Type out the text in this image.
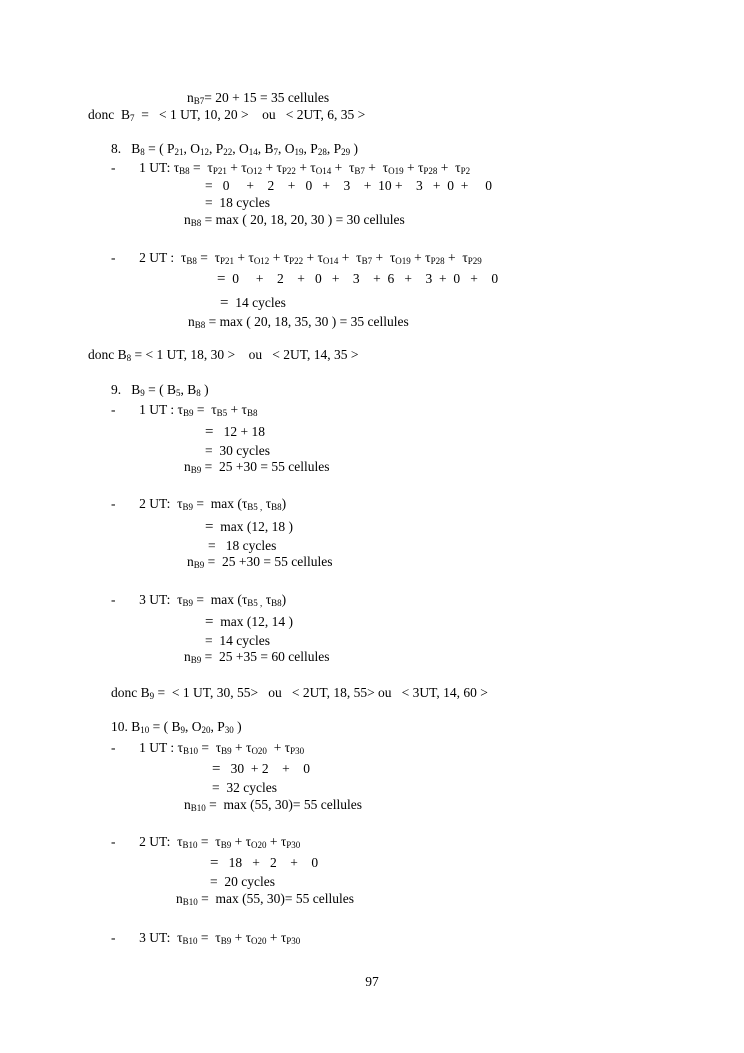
$n_{B7}= 20 + 15 = 35$ cellules
donc  $B_7$  =   < 1 UT, 10, 20 >    ou   < 2UT, 6, 35 >
8.   $B_8$ = ( $P_{21}$, $O_{12}$, $P_{22}$, $O_{14}$, $B_7$, $O_{19}$, $P_{28}$, $P_{29}$ )
-       1 UT: $\tau_{B8} = \tau_{P21} + \tau_{O12} + \tau_{P22} + \tau_{O14} + \tau_{B7} + \tau_{O19} + \tau_{P28} + \tau_{P2}$
=   0     +    2    +   0   +    3    +  10 +    3   +  0  +     0
=  18 cycles
$n_{B8} = \max$ ( 20, 18, 20, 30 ) = 30 cellules
-       2 UT :  $\tau_{B8} = \tau_{P21} + \tau_{O12} + \tau_{P22} + \tau_{O14} + \tau_{B7} + \tau_{O19} + \tau_{P28} + \tau_{P29}$
=  0     +    2    +   0   +    3    +  6   +    3  +  0   +    0
=  14 cycles
$n_{B8} = \max$ ( 20, 18, 35, 30 ) = 35 cellules
donc $B_8$ = < 1 UT, 18, 30 >    ou   < 2UT, 14, 35 >
9.   $B_9$ = ( $B_5$, $B_8$ )
-       1 UT : $\tau_{B9} = \tau_{B5} + \tau_{B8}$
=   12 + 18
=  30 cycles
$n_{B9} = 25 +30 = 55$ cellules
-       2 UT:  $\tau_{B9} = \max (\tau_{B5 ,}$ $\tau_{B8}$)
=  max (12, 18 )
=   18 cycles
$n_{B9} = 25 +30 = 55$ cellules
-       3 UT:  $\tau_{B9} = \max (\tau_{B5 ,}$ $\tau_{B8}$)
=  max (12, 14 )
=  14 cycles
$n_{B9} = 25 +35 = 60$ cellules
donc $B_9$ =  < 1 UT, 30, 55>   ou   < 2UT, 18, 55> ou   < 3UT, 14, 60 >
10. $B_{10}$ = ( $B_9$, $O_{20}$, $P_{30}$ )
-       1 UT : $\tau_{B10} = \tau_{B9} + \tau_{O20} + \tau_{P30}$
=   30  + 2    +    0
=  32 cycles
$n_{B10} = \max (55$, 30)= 55 cellules
-       2 UT:  $\tau_{B10} = \tau_{B9} + \tau_{O20} + \tau_{P30}$
=   18   +   2    +    0
=  20 cycles
$n_{B10} = \max (55$, 30)= 55 cellules
-       3 UT:  $\tau_{B10} = \tau_{B9} + \tau_{O20} + \tau_{P30}$
97
